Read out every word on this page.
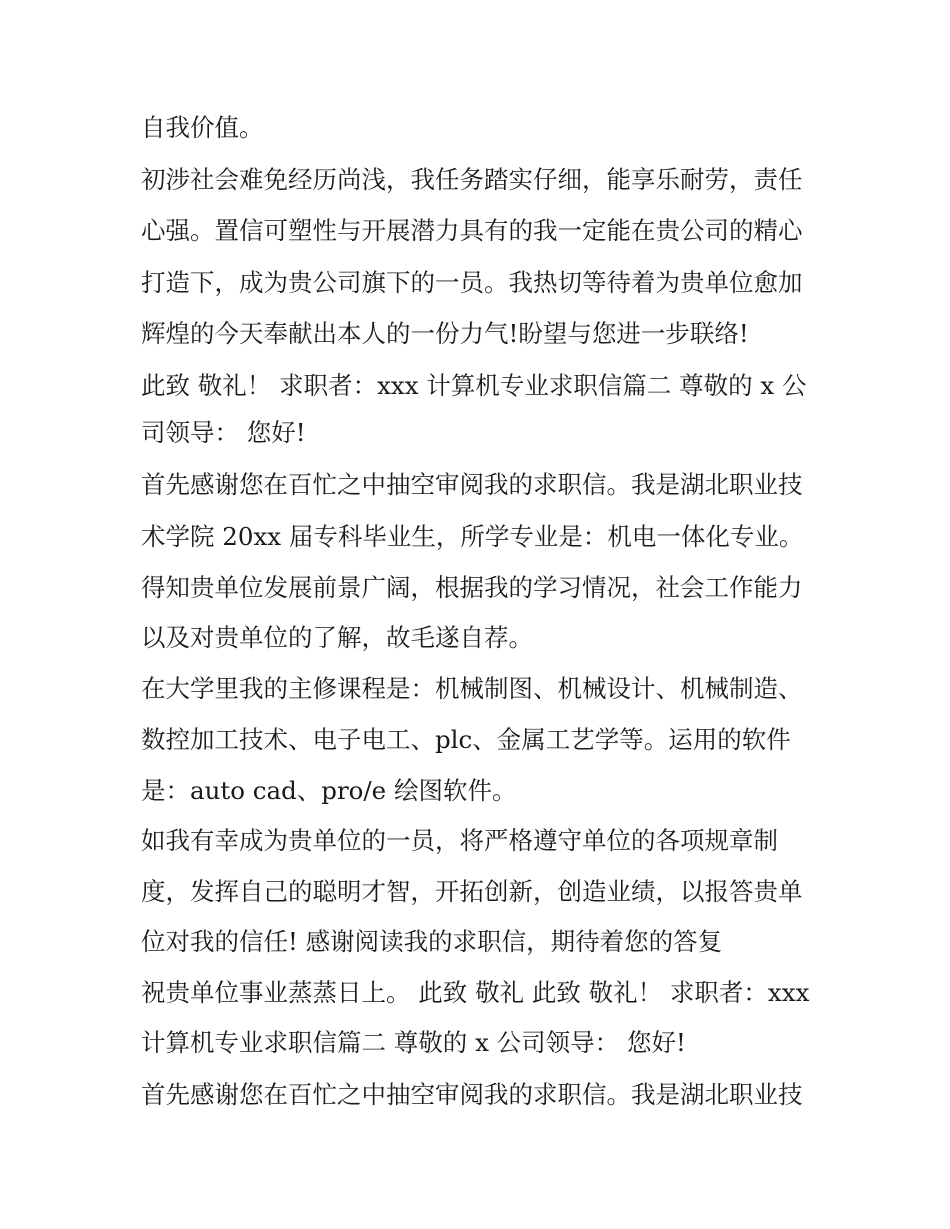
自我价值。
初涉社会难免经历尚浅，我任务踏实仔细，能享乐耐劳，责任
心强。置信可塑性与开展潜力具有的我一定能在贵公司的精心
打造下，成为贵公司旗下的一员。我热切等待着为贵单位愈加
辉煌的今天奉献出本人的一份力气!盼望与您进一步联络!
此致 敬礼！ 求职者：xxx 计算机专业求职信篇二 尊敬的 x 公
司领导： 您好!
首先感谢您在百忙之中抽空审阅我的求职信。我是湖北职业技
术学院 20xx 届专科毕业生，所学专业是：机电一体化专业。
得知贵单位发展前景广阔，根据我的学习情况，社会工作能力
以及对贵单位的了解，故毛遂自荐。
在大学里我的主修课程是：机械制图、机械设计、机械制造、
数控加工技术、电子电工、plc、金属工艺学等。运用的软件
是：auto cad、pro/e 绘图软件。
如我有幸成为贵单位的一员，将严格遵守单位的各项规章制
度，发挥自己的聪明才智，开拓创新，创造业绩，以报答贵单
位对我的信任! 感谢阅读我的求职信，期待着您的答复
祝贵单位事业蒸蒸日上。 此致 敬礼 此致 敬礼！ 求职者：xxx
计算机专业求职信篇二 尊敬的 x 公司领导： 您好!
首先感谢您在百忙之中抽空审阅我的求职信。我是湖北职业技
